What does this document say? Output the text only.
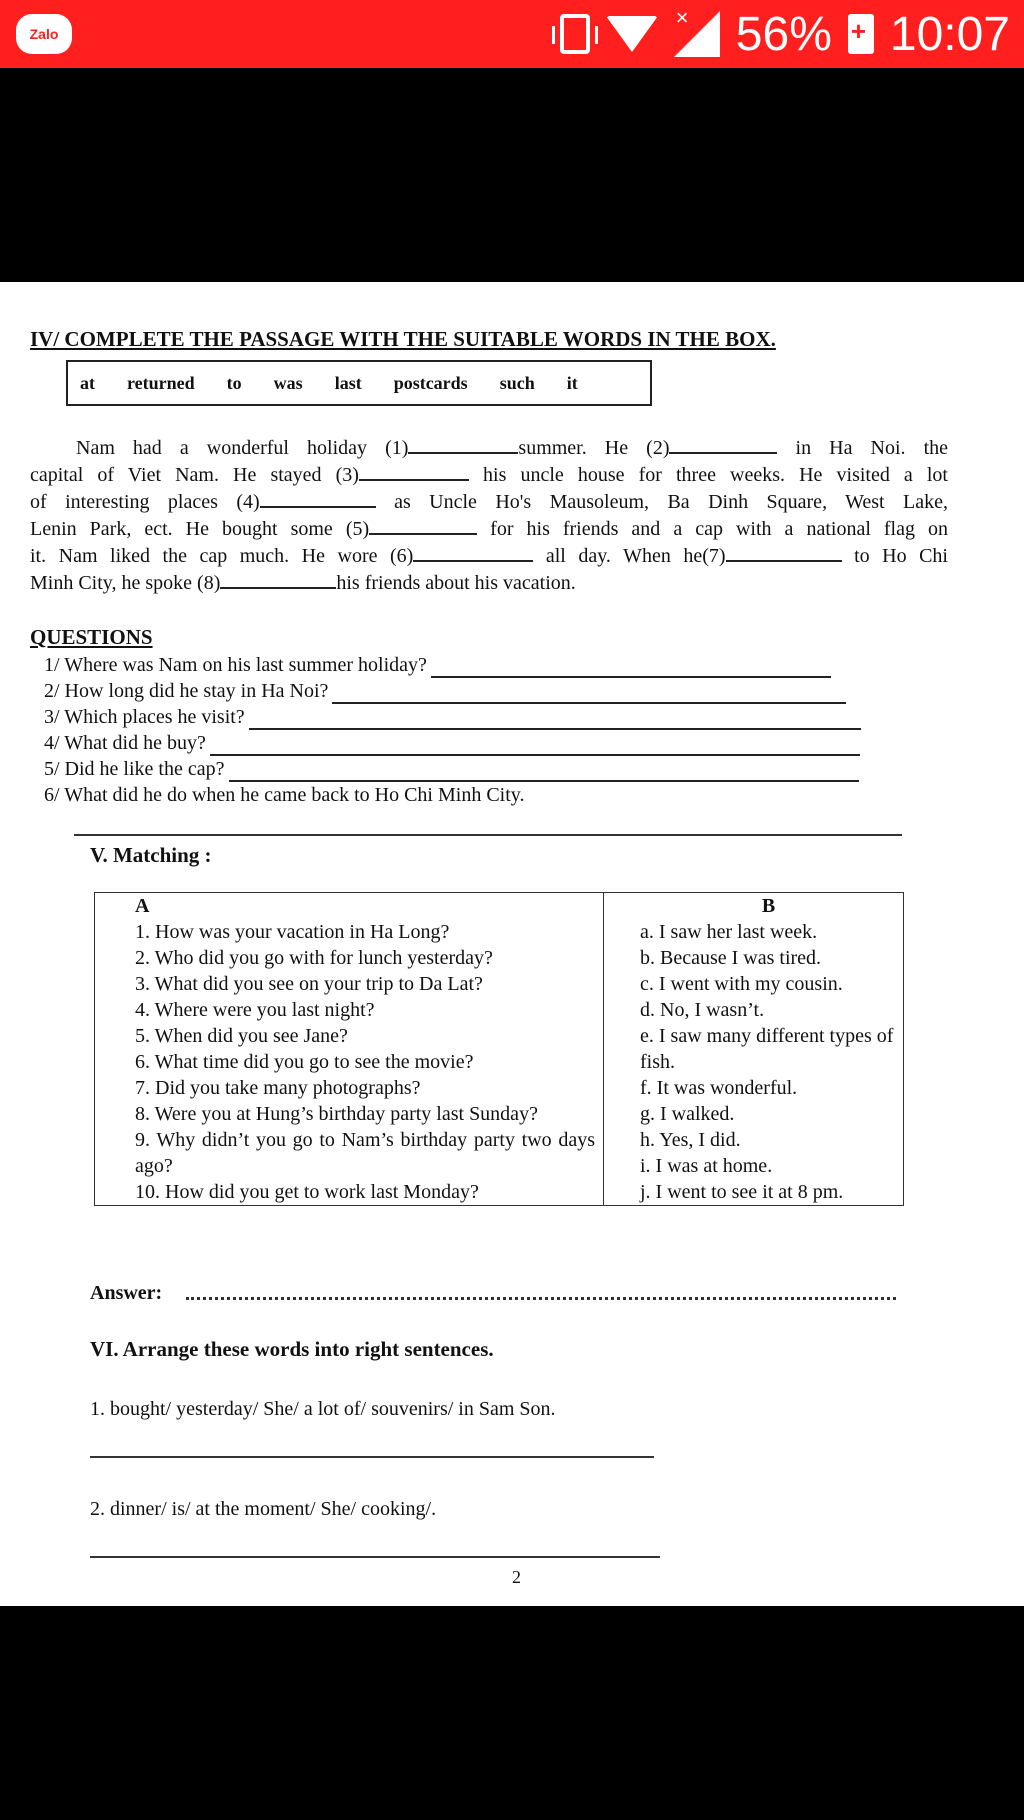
Zalo
× 56%
+ 10:07
IV/ COMPLETE THE PASSAGE WITH THE SUITABLE WORDS IN THE BOX.
at returned to was last postcards such it
Nam had a wonderful holiday (1)	summer. He (2)	in Ha Noi. the
capital of Viet Nam. He stayed (3)	his uncle house for three weeks. He visited a lot
of interesting places (4)	as Uncle Ho's Mausoleum, Ba Dinh Square, West Lake,
Lenin Park, ect. He bought some (5)	for his friends and a cap with a national flag on
it. Nam liked the cap much. He wore (6)	all day. When he(7)	to Ho Chi
Minh City, he spoke (8)	his friends about his vacation.
QUESTIONS
1/ Where was Nam on his last summer holiday?
2/ How long did he stay in Ha Noi?
3/ Which places he visit?
4/ What did he buy?
5/ Did he like the cap?
6/ What did he do when he came back to Ho Chi Minh City.
V. Matching :
A
1. How was your vacation in Ha Long?
2. Who did you go with for lunch yesterday?
3. What did you see on your trip to Da Lat?
4. Where were you last night?
5. When did you see Jane?
6. What time did you go to see the movie?
7. Did you take many photographs?
8. Were you at Hung’s birthday party last Sunday?
9. Why didn’t you go to Nam’s birthday party two days ago?
10. How did you get to work last Monday?

B
a. I saw her last week.
b. Because I was tired.
c. I went with my cousin.
d. No, I wasn’t.
e. I saw many different types of fish.
f. It was wonderful.
g. I walked.
h. Yes, I did.
i. I was at home.
j. I went to see it at 8 pm.
Answer:
VI. Arrange these words into right sentences.
1. bought/ yesterday/ She/ a lot of/ souvenirs/ in Sam Son.
2. dinner/ is/ at the moment/ She/ cooking/.
2
